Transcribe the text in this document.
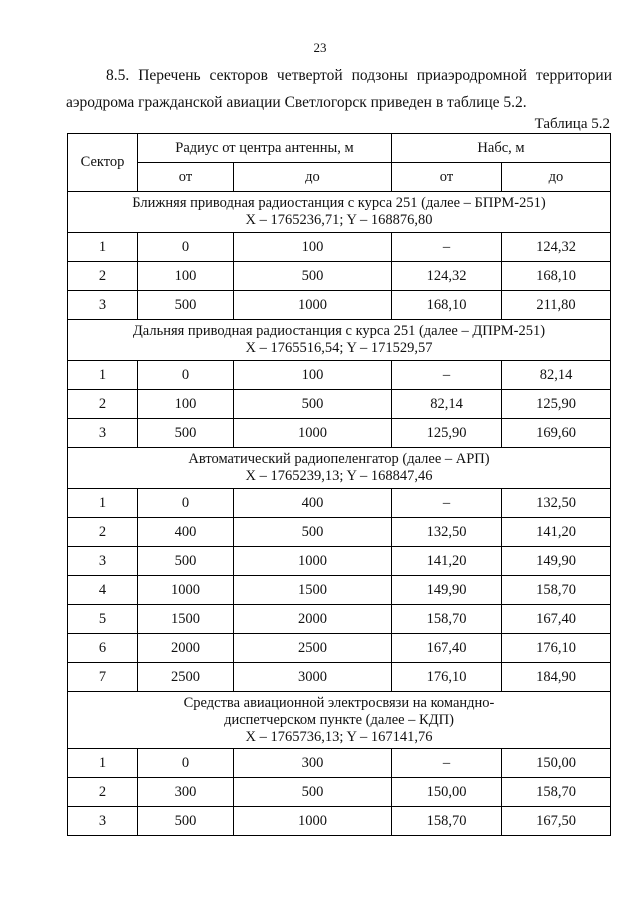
23
8.5. Перечень секторов четвертой подзоны приаэродромной территории аэродрома гражданской авиации Светлогорск приведен в таблице 5.2.
Таблица 5.2
Сектор	Радиус от центра антенны, м		Набс, м	
	от	до	от	до

Ближняя приводная радиостанция с курса 251 (далее – БПРМ-251)
X – 1765236,71; Y – 168876,80				

1	0	100	–	124,32
2	100	500	124,32	168,10
3	500	1000	168,10	211,80

Дальняя приводная радиостанция с курса 251 (далее – ДПРМ-251)
X – 1765516,54; Y – 171529,57				

1	0	100	–	82,14
2	100	500	82,14	125,90
3	500	1000	125,90	169,60

Автоматический радиопеленгатор (далее – АРП)
X – 1765239,13; Y – 168847,46				

1	0	400	–	132,50
2	400	500	132,50	141,20
3	500	1000	141,20	149,90
4	1000	1500	149,90	158,70
5	1500	2000	158,70	167,40
6	2000	2500	167,40	176,10
7	2500	3000	176,10	184,90

Средства авиационной электросвязи на командно-
диспетчерском пункте (далее – КДП)
X – 1765736,13; Y – 167141,76				

1	0	300	–	150,00
2	300	500	150,00	158,70
3	500	1000	158,70	167,50
